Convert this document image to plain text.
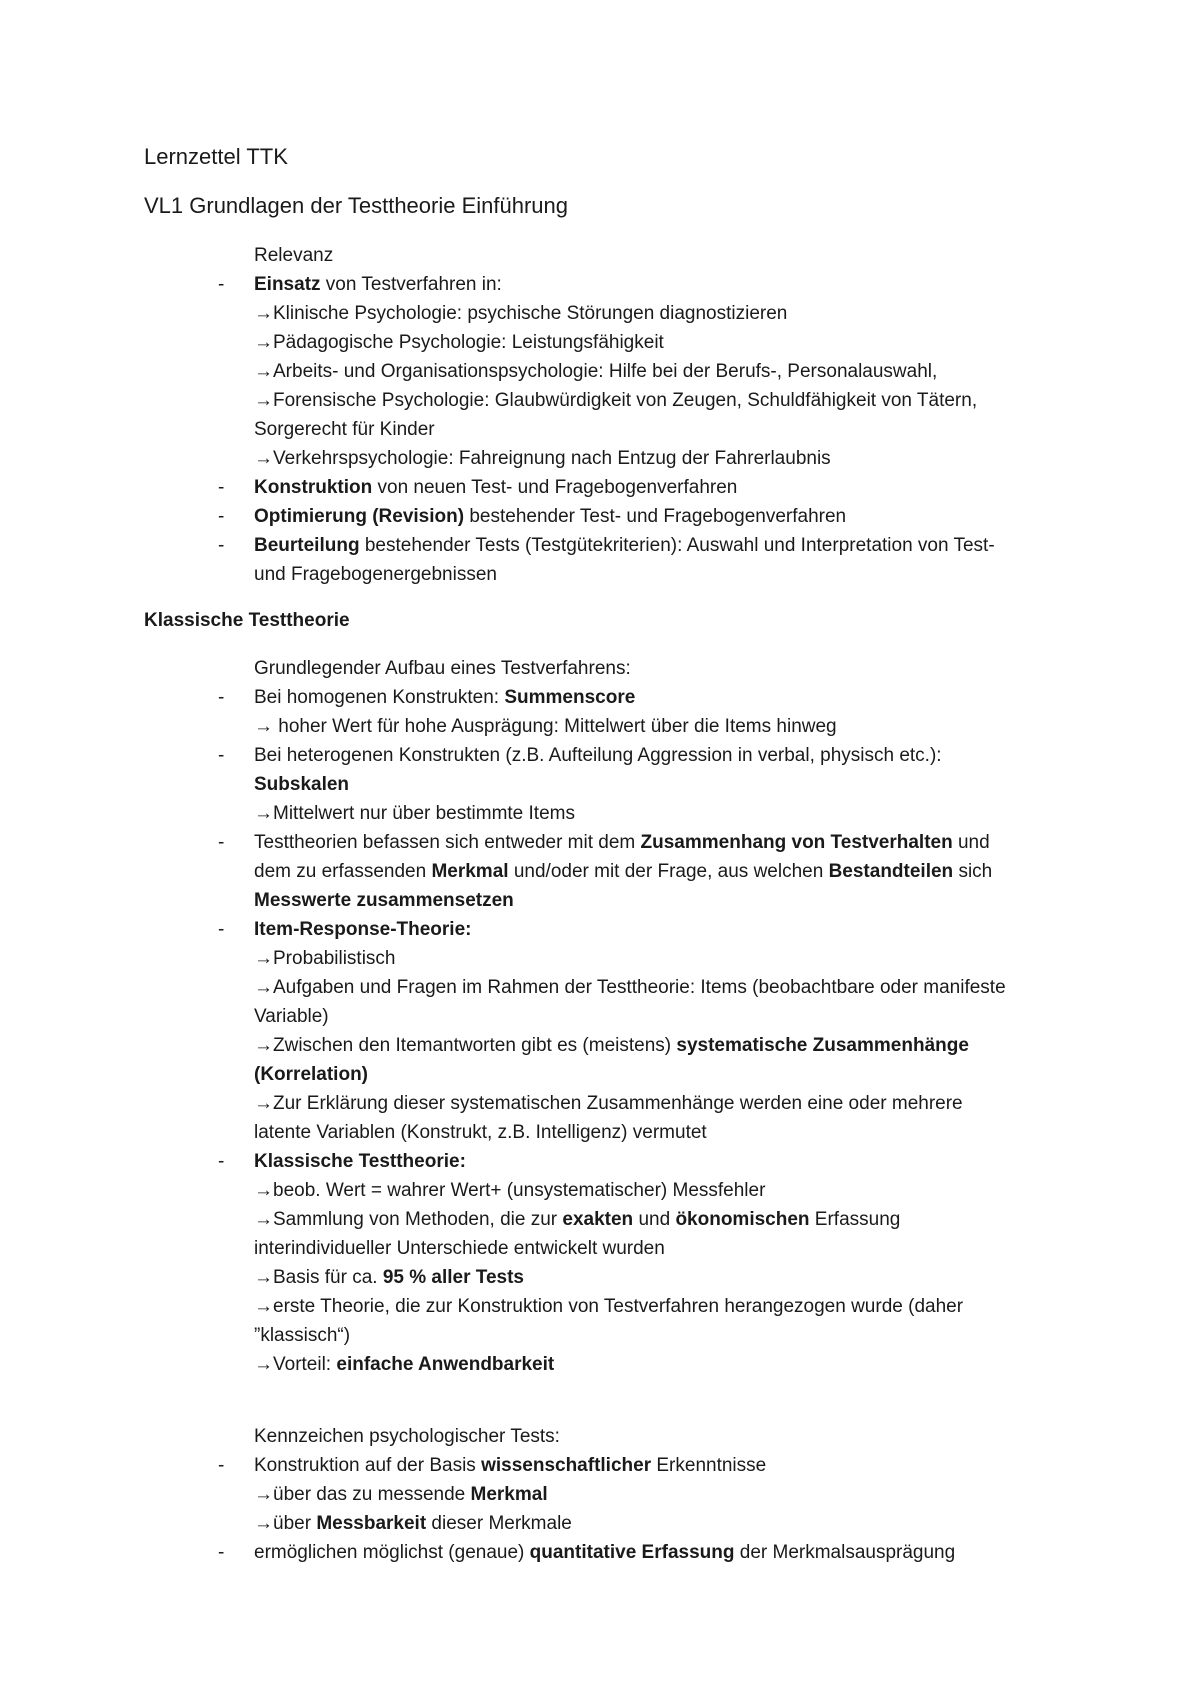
Lernzettel TTK
VL1 Grundlagen der Testtheorie Einführung
Relevanz
- Einsatz von Testverfahren in:
→Klinische Psychologie: psychische Störungen diagnostizieren
→Pädagogische Psychologie: Leistungsfähigkeit
→Arbeits- und Organisationspsychologie: Hilfe bei der Berufs-, Personalauswahl,
→Forensische Psychologie: Glaubwürdigkeit von Zeugen, Schuldfähigkeit von Tätern,
Sorgerecht für Kinder
→Verkehrspsychologie: Fahreignung nach Entzug der Fahrerlaubnis
- Konstruktion von neuen Test- und Fragebogenverfahren
- Optimierung (Revision) bestehender Test- und Fragebogenverfahren
- Beurteilung bestehender Tests (Testgütekriterien): Auswahl und Interpretation von Test-
und Fragebogenergebnissen
Klassische Testtheorie
Grundlegender Aufbau eines Testverfahrens:
- Bei homogenen Konstrukten: Summenscore
→ hoher Wert für hohe Ausprägung: Mittelwert über die Items hinweg
- Bei heterogenen Konstrukten (z.B. Aufteilung Aggression in verbal, physisch etc.):
Subskalen
→Mittelwert nur über bestimmte Items
- Testtheorien befassen sich entweder mit dem Zusammenhang von Testverhalten und
dem zu erfassenden Merkmal und/oder mit der Frage, aus welchen Bestandteilen sich
Messwerte zusammensetzen
- Item-Response-Theorie:
→Probabilistisch
→Aufgaben und Fragen im Rahmen der Testtheorie: Items (beobachtbare oder manifeste
Variable)
→Zwischen den Itemantworten gibt es (meistens) systematische Zusammenhänge
(Korrelation)
→Zur Erklärung dieser systematischen Zusammenhänge werden eine oder mehrere
latente Variablen (Konstrukt, z.B. Intelligenz) vermutet
- Klassische Testtheorie:
→beob. Wert = wahrer Wert+ (unsystematischer) Messfehler
→Sammlung von Methoden, die zur exakten und ökonomischen Erfassung
interindividueller Unterschiede entwickelt wurden
→Basis für ca. 95 % aller Tests
→erste Theorie, die zur Konstruktion von Testverfahren herangezogen wurde (daher
”klassisch“)
→Vorteil: einfache Anwendbarkeit
Kennzeichen psychologischer Tests:
- Konstruktion auf der Basis wissenschaftlicher Erkenntnisse
→über das zu messende Merkmal
→über Messbarkeit dieser Merkmale
- ermöglichen möglichst (genaue) quantitative Erfassung der Merkmalsausprägung
